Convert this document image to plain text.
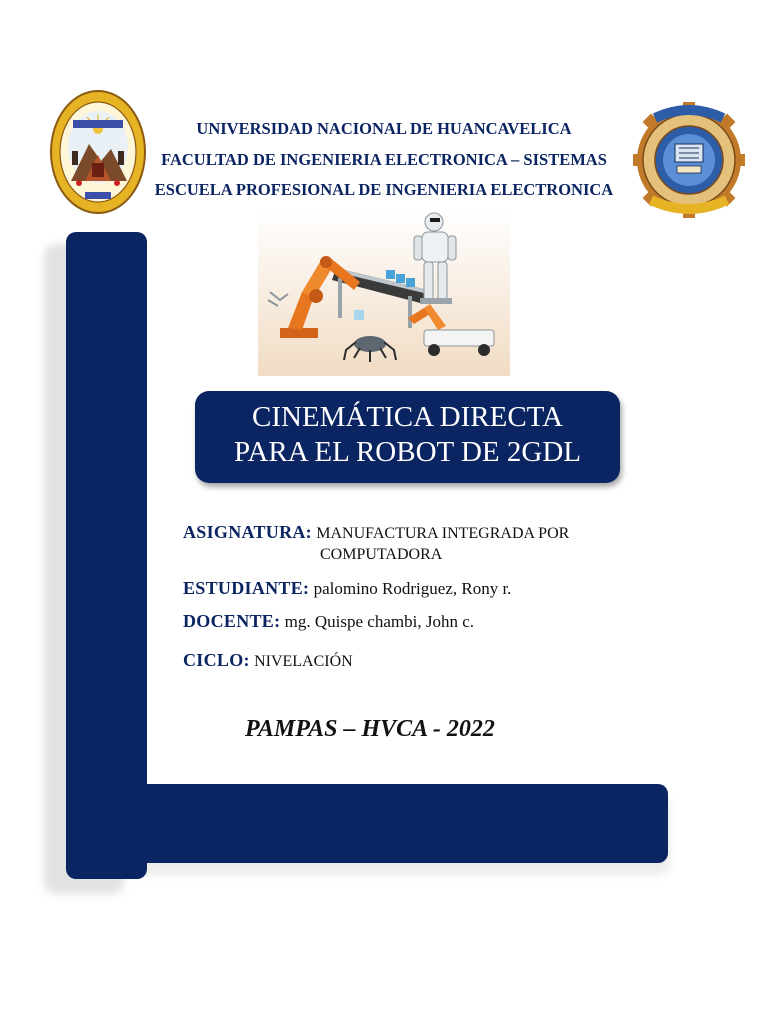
UNIVERSIDAD NACIONAL DE HUANCAVELICA
FACULTAD DE INGENIERIA ELECTRONICA – SISTEMAS
ESCUELA PROFESIONAL DE INGENIERIA ELECTRONICA
CINEMÁTICA DIRECTA
PARA EL ROBOT DE 2GDL
ASIGNATURA: MANUFACTURA INTEGRADA POR
COMPUTADORA
ESTUDIANTE: palomino Rodriguez, Rony r.
DOCENTE: mg. Quispe chambi, John c.
CICLO: NIVELACIÓN
PAMPAS – HVCA - 2022
